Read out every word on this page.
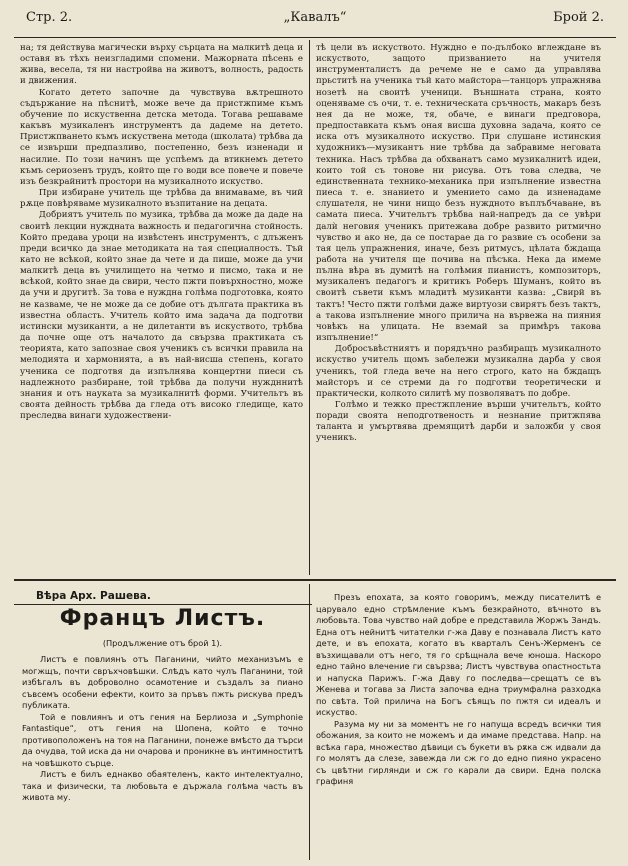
Стр. 2.	„Кавалъ“	Брой 2.

на; тя действува магически върху сърцата на малкитѣ деца и оставя въ тѣхъ неизгладими спомени. Мажорната пѣсень е жива, весела, тя ни настройва на животъ, волность, радость и движения.

Когато детето започне да чувствува вѫтрешното съдържание на пѣснитѣ, може вече да пристжпимe къмъ обучение по искуственна детска метода. Тогава решаваме какъвъ музикаленъ инструментъ да дадеме на детето. Пристжпването къмъ искуствена метода (школата) трѣбва да се извърши предпазливо, постепенно, безъ изненади и насилие. По този начинъ ще успѣемъ да втикнемъ детето къмъ сериозенъ трудъ, който ще го води все повече и повече изъ безкрайнитѣ простори на музикалното искуство.

При избиране учитель ще трѣбва да внимаваме, въ чий рѫце повѣряваме музикалното възпитание на децата.

Добриятъ учитель по музика, трѣбва да може да даде на своитѣ лекции нуждната важность и педагогична стойность. Който предава уроци на извѣстенъ инструментъ, с длъженъ преди всичко да знае методиката на тая специалность. Тъй като не всѣкой, който знае да чете и да пише, може да учи малкитѣ деца въ училището на четмо и писмо, така и не всѣкой, който знае да свири, често пжти повърхностно, може да учи и другитѣ. За това е нуждна голѣма подготовка, която не казваме, че не може да се добие отъ дългата практика въ известна область. Учитель който има задача да подготви истински музиканти, а не дилетанти въ искуството, трѣбва да почне още отъ началото да свързва практиката съ теорията, като запознае своя ученикъ съ всички правила на мелодията и хармонията, а въ най-висша степень, когато ученика се подготвя да изпълнява концертни пиеси съ надлежното разбиране, той трѣбва да получи нуждннитѣ знания и отъ науката за музикалнитѣ форми. Учительтъ въ своята дейность трѣбва да гледа отъ високо гледище, като преследва винаги художествени-

тѣ цели въ искуството. Нуждно е по-дълбоко вглеждане въ искуството, защото призванието на учителя инструменталистъ да речеме не е само да управлява прьститѣ на ученика тъй като майстора—танцоръ упражнява нозетѣ на своитѣ ученици. Външната страна, която оценяваме съ очи, т. е. техническата сръчность, макаръ безъ нея да не може, тя, обаче, е винаги предговора, предпоставката къмъ оная висша духовна задача, която се иска отъ музикалното искуство. При слушане истинския художникъ—музикантъ ние трѣбва да забравиме неговата техника. Насъ трѣбва да обхванатъ само музикалнитѣ идеи, които той съ тонове ни рисува. Отъ това следва, че единственната технико-механика при изпълнение известна пиеса т. е. знанието и умението само да изненадаме слушателя, не чини нищо безъ нуждното въплъбчаване, въ самата пиеса. Учительтъ трѣбва най-напредъ да се увѣри далѝ неговия ученикъ притежава добре развито ритмично чувство и ако не, да се постарае да го развие съ особени за тая цель упражнения, иначе, безъ ритмусъ, цѣлата бждаща работа на учителя ще почива на пѣсъка. Нека да имеме пълна вѣра въ думитѣ на голѣмия пианистъ, композиторъ, музикаленъ педагогъ и критикъ Роберъ Шуманъ, който въ своитѣ съвети къмъ младитѣ музиканти казва: „Свирй въ тактъ! Често пжти голѣми даже виртуози свирятъ безъ тактъ, а такова изпълнение много прилича на вървежа на пияния човѣкъ на улицата. Не вземай за примѣръ такова изпълнение!“

Добросъвѣстниятъ и порядъчно разбиращъ музикалното искуство учитель щомъ забележи музикална дарба у своя ученикъ, той гледа вече на него строго, като на бждащъ майсторъ и се стреми да го подготви теоретически и практически, колкото силитѣ му позволяватъ по добре.

Голѣмо и тежко престжпление върши учительтъ, който поради своята неподготвеность и незнание притжпява таланта и умъртвява дремящитѣ дарби и заложби у своя ученикъ.

Вѣра Арх. Рашева.
Францъ Листъ.
(Продължение отъ брой 1).

Листъ е повлиянъ отъ Паганини, чийто механизъмъ е могжщъ, почти свръхчовѣшки. Слѣдъ като чулъ Паганини, той избѣгалъ въ доброволно осамотение и създалъ за пиано съвсемъ особени ефекти, които за пръвъ пжть рискува предъ публиката.

Той е повлиянъ и отъ гения на Берлиоза и „Symphonie Fantastique“, отъ гения на Шопена, който е точно противоположенъ на тоя на Паганини, понеже вмѣсто да търси да очудва, той иска да ни очарова и проникне въ интимноститѣ на човѣшкото сърце.

Листъ е билъ еднакво обаятеленъ, както интелектуално, така и физически, та любовьта е държала голѣма часть въ живота му.

Презъ епохата, за която говоримъ, между писателитѣ е царувало едно стрѣмление къмъ безкрайното, вѣчното въ любовьта. Това чувство най добре е представила Жоржъ Зандъ. Една отъ нейнитѣ читателки г-жа Даву е познавала Листъ като дете, и въ епохата, когато въ кварталъ Сенъ-Жерменъ се възхищавали отъ него, тя го срѣщнала вече юноша. Наскоро едно тайно влечение ги свързва; Листъ чувствува опастностьта и напуска Парижъ. Г-жа Даву го последва—срещатъ се въ Женева и тогава за Листа започва една триумфална разходка по свѣта. Той прилича на Богъ сѣящъ по пжтя си идеалъ и искуство.

Разума му ни за моментъ не го напуща всредъ всички тия обожания, за които не можемъ и да имаме представа. Напр. на всѣка гара, множество дѣвици съ букети въ рѫка сж идвали да го молятъ да слезе, завежда ли сж го до едно пияно украсено съ цвѣтни гирлянди и сж го карали да свири. Една полска графиня
